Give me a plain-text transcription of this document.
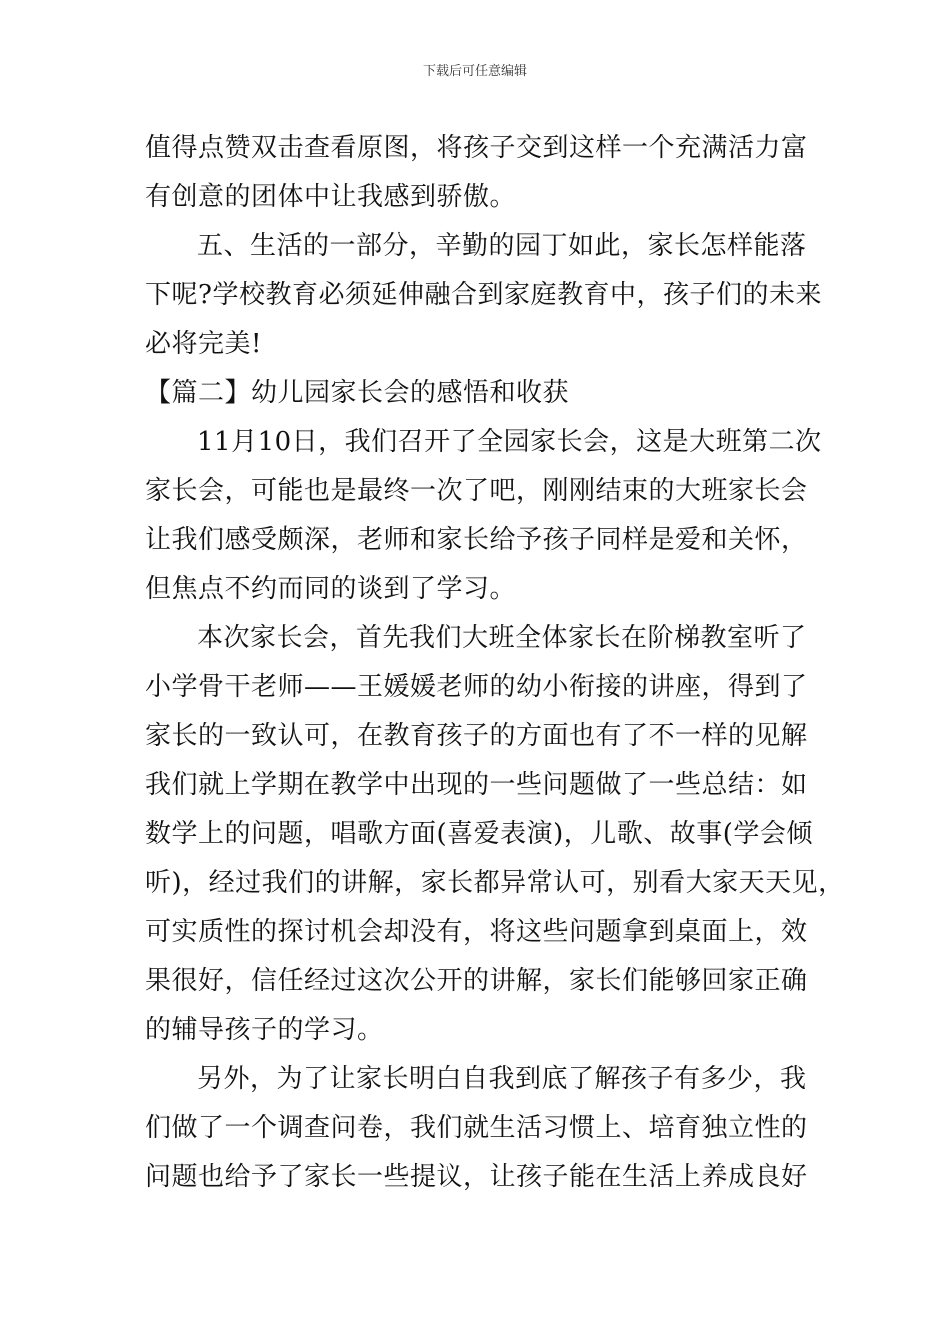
下载后可任意编辑
值得点赞双击查看原图，将孩子交到这样一个充满活力富
有创意的团体中让我感到骄傲。
五、生活的一部分，辛勤的园丁如此，家长怎样能落
下呢?学校教育必须延伸融合到家庭教育中，孩子们的未来
必将完美!
【篇二】幼儿园家长会的感悟和收获
11月10日，我们召开了全园家长会，这是大班第二次
家长会，可能也是最终一次了吧，刚刚结束的大班家长会
让我们感受颇深，老师和家长给予孩子同样是爱和关怀，
但焦点不约而同的谈到了学习。
本次家长会，首先我们大班全体家长在阶梯教室听了
小学骨干老师——王媛媛老师的幼小衔接的讲座，得到了
家长的一致认可，在教育孩子的方面也有了不一样的见解
我们就上学期在教学中出现的一些问题做了一些总结：如
数学上的问题，唱歌方面(喜爱表演)，儿歌、故事(学会倾
听)，经过我们的讲解，家长都异常认可，别看大家天天见，
可实质性的探讨机会却没有，将这些问题拿到桌面上，效
果很好，信任经过这次公开的讲解，家长们能够回家正确
的辅导孩子的学习。
另外，为了让家长明白自我到底了解孩子有多少，我
们做了一个调查问卷，我们就生活习惯上、培育独立性的
问题也给予了家长一些提议，让孩子能在生活上养成良好
